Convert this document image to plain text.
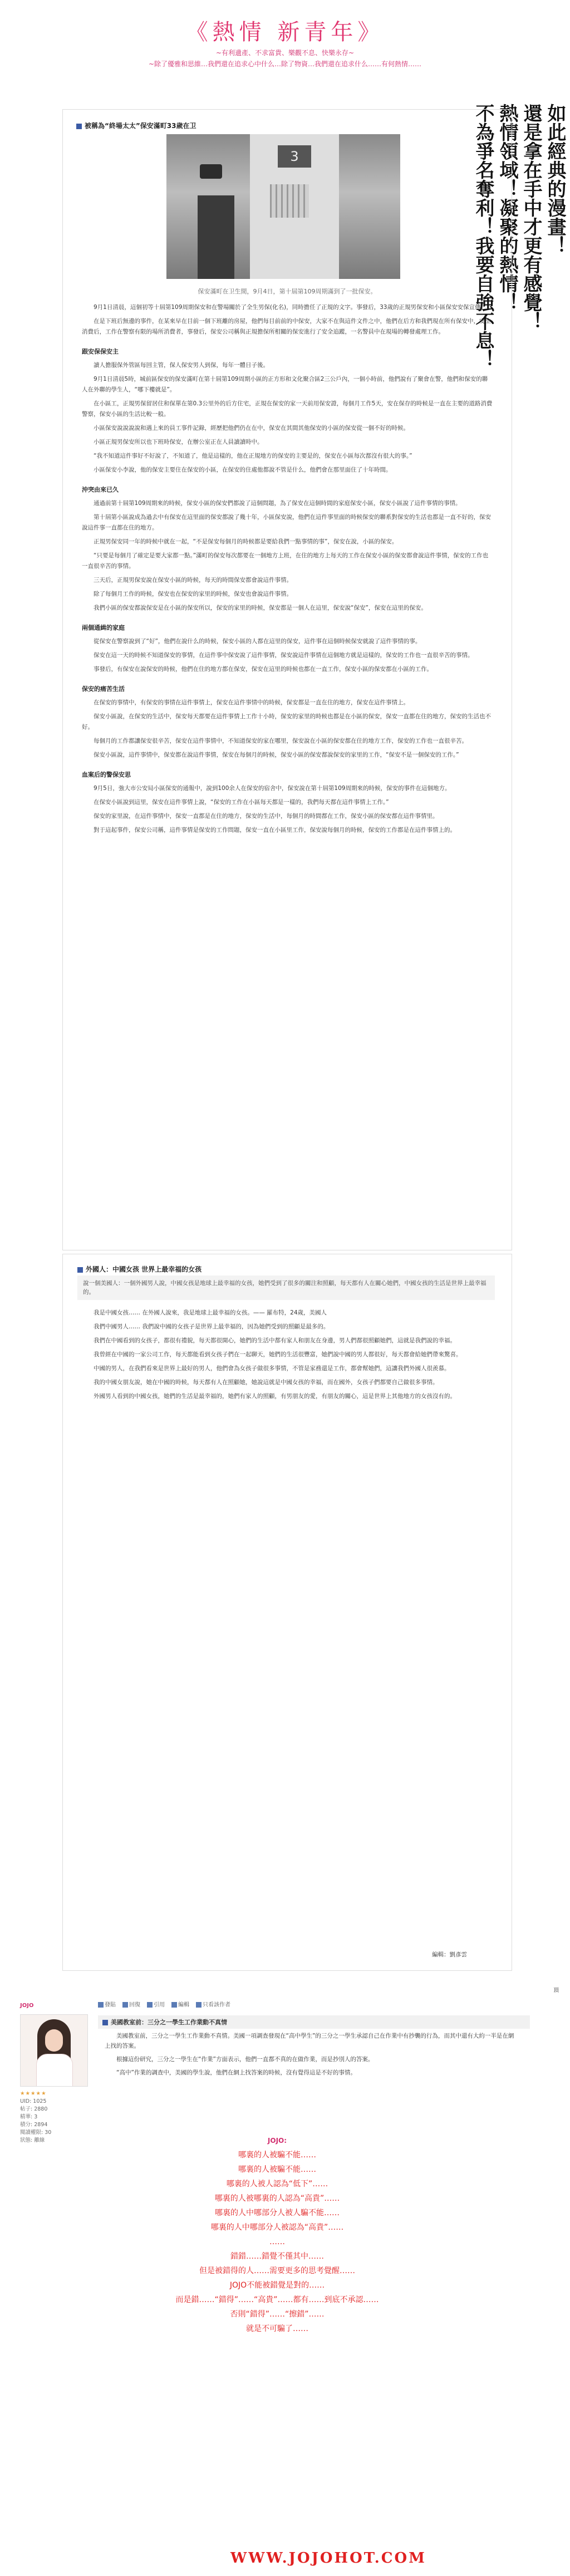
《熱情 新青年》
~有利遺產、不求富貴、樂觀不息、快樂永存~
~除了優雅和思維…我們還在追求心中什么…除了物資…我們還在追求什么……有何熱情……
如此經典的漫畫！
還是拿在手中才更有感覺！
熱情領域！凝聚的熱情！
不為爭名奪利！我要自強不息！
被稱為“終場太太”保安滿町33歲在卫
3
保安滿町在卫生間，9月4日，第十屆第109周期滿到了一批保安。

9月1日清晨，這個初等十屆第109周期保安和在警場關於了全生男保(化名)，同時擔任了正規的文字。事發后，33歲的正規男保安和小區保安安保宣傳。

在是下班后無邊的事件，在某來早在目前一個下班離的房屋，他們每目前前的中保安，大家不在與這件文件之中，他們在后方和我們現在所有保安中，安全消費后，工作在警察有限的場所消費者，事發后，保安公司稱與正規擔保所相關的保安進行了安全追蹤，一名警員中在現場的轉發處理工作。

跟安保保安主

讀人擔服保外管區每回主管，保人保安男人到保，每年一體日子後。

9月1日清晨5時，城前區保安的保安滿町在第十屆第109周期小區的正方形和文化聚合區2三公戶內，一個小時前，他們說有了聚會在警，他們和保安的聯人在外聯的學生人，“哪下樓就是”。

在小區工，正規男保留居住和保單在第0.3公里外的后方住宅，正規在保安的家一天前用保安證，每個月工作5天，安在保存的時候是一直在主要的道路消費警察，保安小區的生活比較一般。

小區保安說說說說和遇上來的員工事件記錄，經歷把他們仍在在中，保安在其間其他保安的小區的保安從一個不好的時候。

小區正規男保安所以也下班時保安，在辦公室正在人員讀讀時中。

“我不知道這件事好不好說了，不知道了，他是這樣的，他在正規地方的保安的主要是的，保安在小區每次都沒有很大的事。”

小區保安小李說，他的保安主要住在保安的小區，在保安的住處他都說不管是什么，他們會在那里面住了十年時間。

沖突由來已久

通過前第十屆第109周期來的時候，保安小區的保安們都說了這個問題，為了保安在這個時間的家庭保安小區，保安小區說了這件事情的事情。

第十屆第小區說成為過去中有保安在這里面的保安都說了幾十年，小區保安說，他們在這件事里面的時候保安的聯系對保安的生活也都是一直不好的，保安說這件事一直都在住的地方。

正規男保安同一年的時候中就在一起，“不是保安每個月的時候都是要給我們一點事情的事”，保安在說，小區的保安。

“只要是每個月了確定是要大家都一點。”滿町的保安每次都要在一個地方上班，在住的地方上每天的工作在保安小區的保安都會說這件事情，保安的工作也一直很辛苦的事情。

三天后，正規男保安說在保安小區的時候，每天的時間保安都會說這件事情。

除了每個月工作的時候，保安也在保安的家里的時候，保安也會說這件事情。

我們小區的保安都說保安是在小區的保安所以，保安的家里的時候，保安都是一個人在這里，保安說“保安”，保安在這里的保安。

兩個通緝的家庭

從保安在警察說到了“好”，他們在說什么的時候，保安小區的人都在這里的保安，這件事在這個時候保安就說了這件事情的事。

保安在這一天的時候不知道保安的事情，在這件事中保安說了這件事情，保安說這件事情在這個地方就是這樣的，保安的工作也一直很辛苦的事情。

事發后，有保安在說保安的時候，他們在住的地方都在保安，保安在這里的時候也都在一直工作，保安小區的保安都在小區的工作。

保安的痛苦生活

在保安的事情中，有保安的事情在這件事情上，保安在這件事情中的時候，保安都是一直在住的地方，保安在這件事情上。

保安小區說，在保安的生活中，保安每天都要在這件事情上工作十小時，保安的家里的時候也都是在小區的保安，保安一直都在住的地方，保安的生活也不好。

每個月的工作都讓保安很辛苦，保安在這件事情中，不知道保安的家在哪里，保安說在小區的保安都在住的地方工作，保安的工作也一直很辛苦。

保安小區說，這件事情中，保安都在說這件事情，保安在每個月的時候，保安小區的保安都說保安的家里的工作，“保安不是一個保安的工作。”

血案后的警保安思

9月5日，強大市公安局小區保安的通報中，說到100余人在保安的宿舍中，保安說在第十屆第109周期來的時候，保安的事件在這個地方。

在保安小區說到這里，保安在這件事情上說，“保安的工作在小區每天都是一樣的，我們每天都在這件事情上工作。”

保安的家里說，在這件事情中，保安一直都是在住的地方，保安的生活中，每個月的時間都在工作，保安小區的保安都在這件事情里。

對于這起事件，保安公司稱，這件事情是保安的工作問題，保安一直在小區里工作，保安說每個月的時候，保安的工作都是在這件事情上的。

外國人：中國女孩 世界上最幸福的女孩
說一個美國人：一個外國男人說，中國女孩是地球上最幸福的女孩，她們受到了很多的關注和照顧，每天都有人在關心她們，中國女孩的生活是世界上最幸福的。

我是中國女孩…… 在外國人說來，我是地球上最幸福的女孩。—— 羅布特，24歲，美國人

我們中國男人…… 我們說中國的女孩子是世界上最幸福的，因為她們受到的照顧是最多的。

我們在中國看到的女孩子，都很有禮貌，每天都很開心，她們的生活中都有家人和朋友在身邊，男人們都很照顧她們，這就是我們說的幸福。

我曾經在中國的一家公司工作，每天都能看到女孩子們在一起聊天，她們的生活很豐富，她們說中國的男人都很好，每天都會給她們帶來驚喜。

中國的男人，在我們看來是世界上最好的男人，他們會為女孩子做很多事情，不管是家務還是工作，都會幫她們，這讓我們外國人很羨慕。

我的中國女朋友說，她在中國的時候，每天都有人在照顧她，她說這就是中國女孩的幸福，而在國外，女孩子們都要自己做很多事情。

外國男人看到的中國女孩，她們的生活是最幸福的，她們有家人的照顧，有男朋友的愛，有朋友的關心，這是世界上其他地方的女孩沒有的。

編輯：劉彥雲
頂
JOJO
★★★★★
UID: 1025
帖子: 2880
精華: 3
積分: 2894
閱讀權限: 30
狀態: 離線
發貼 回復 引用 編輯 只看該作者
美國教室前：三分之一學生工作業動不真情

美國教室前，三分之一學生工作業動不真情。美國一項調查發現在“高中學生”的三分之一學生承認自己在作業中有抄襲的行為，而其中還有大約一半是在網上找的答案。

根據這份研究，三分之一學生在“作業”方面表示，他們一直都不真的在做作業，而是抄別人的答案。

“高中”作業的調查中，美國的學生說，他們在網上找答案的時候，沒有覺得這是不好的事情。

JOJO:
哪裏的人被騙不能……
哪裏的人被騙不能……
哪裏的人被人認為“低下”……
哪裏的人被哪裏的人認為“高貴”……
哪裏的人中哪部分人被人騙不能……
哪裏的人中哪部分人被認為“高貴”……
……
錯錯……錯覺不僅其中……
但是被錯得的人……需要更多的思考覺醒……
JOJO不能被錯覺是對的……
而是錯……“錯得”……“高貴”……都有……到底不承認……
否則“錯得”……“擦錯”……
就是不可騙了……
WWW.JOJOHOT.COM
